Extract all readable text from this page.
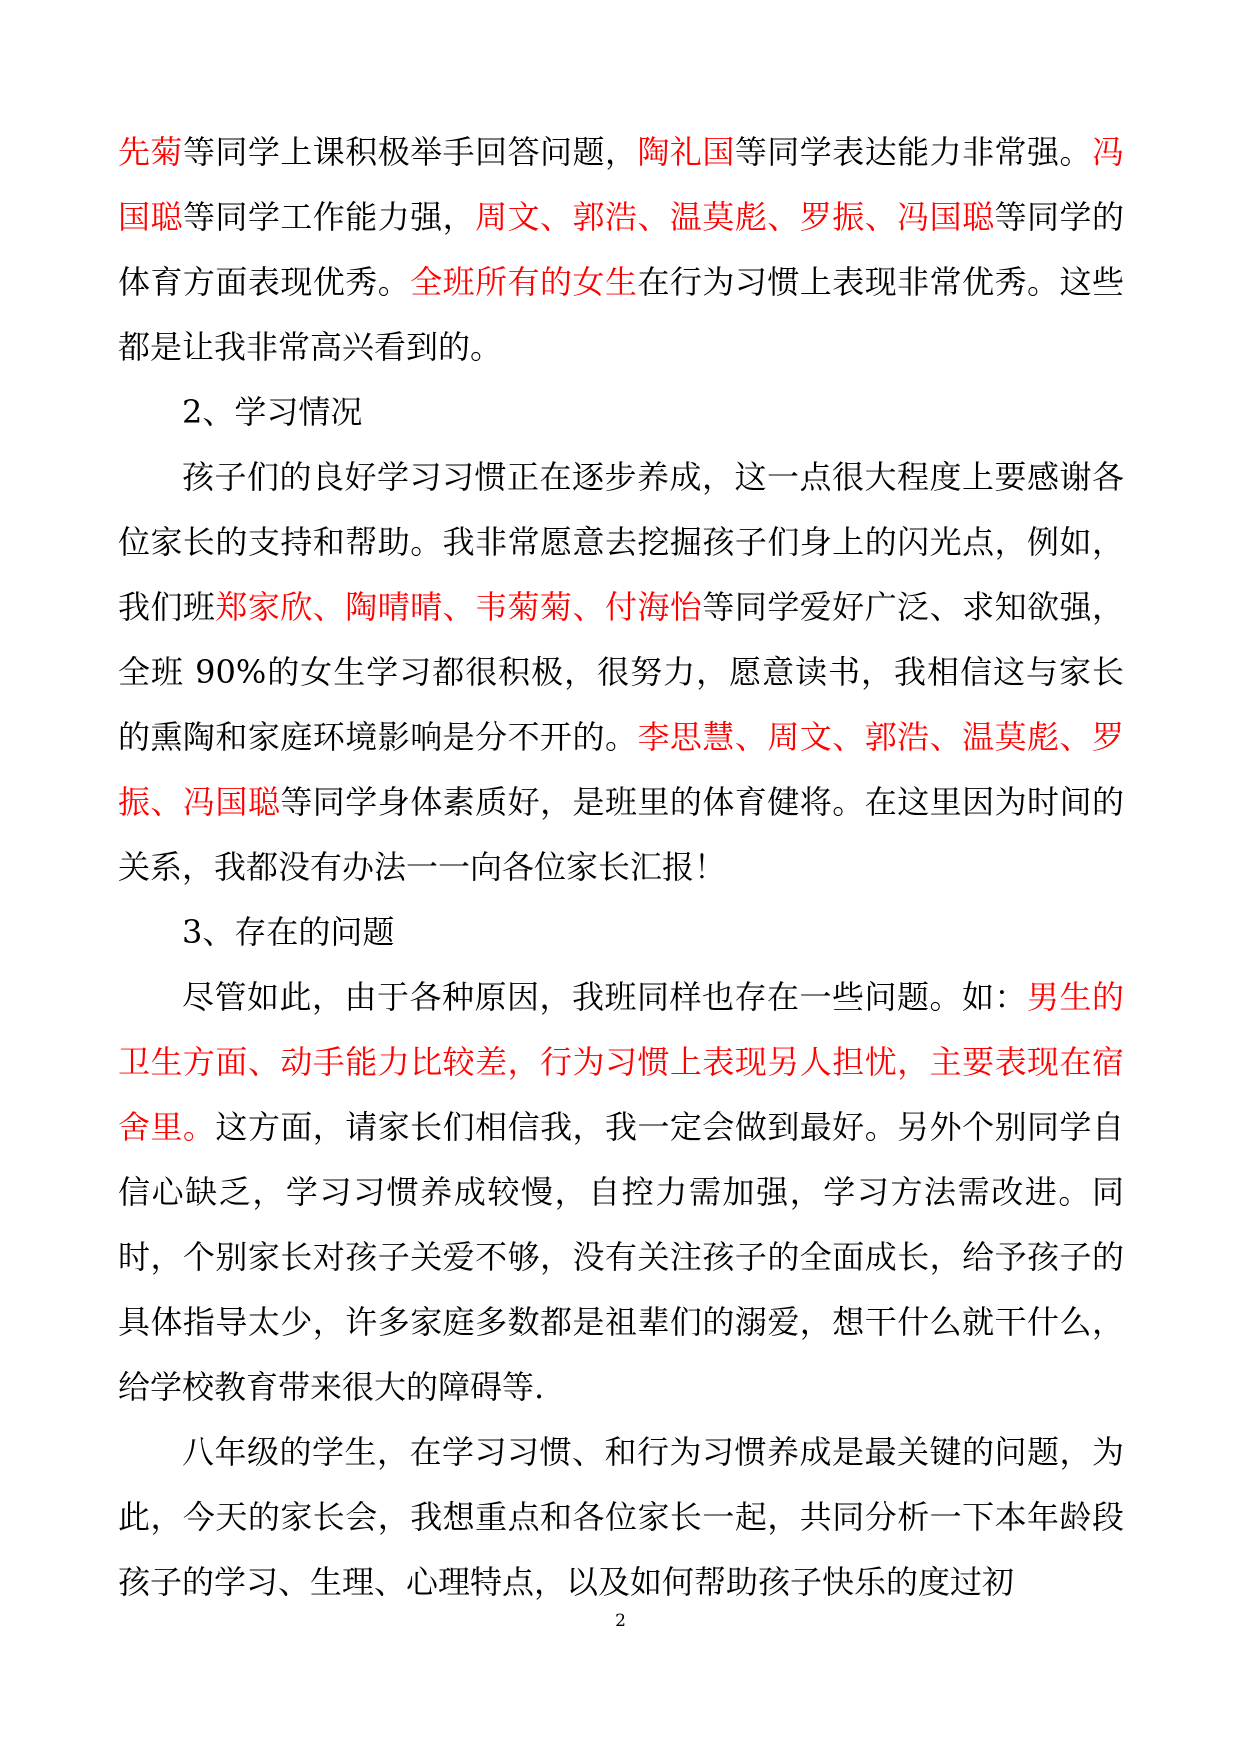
先菊等同学上课积极举手回答问题，陶礼国等同学表达能力非常强。冯国聪等同学工作能力强，周文、郭浩、温莫彪、罗振、冯国聪等同学的体育方面表现优秀。全班所有的女生在行为习惯上表现非常优秀。这些都是让我非常高兴看到的。

2、学习情况

孩子们的良好学习习惯正在逐步养成，这一点很大程度上要感谢各位家长的支持和帮助。我非常愿意去挖掘孩子们身上的闪光点，例如，我们班郑家欣、陶晴晴、韦菊菊、付海怡等同学爱好广泛、求知欲强，全班 90%的女生学习都很积极，很努力，愿意读书，我相信这与家长的熏陶和家庭环境影响是分不开的。李思慧、周文、郭浩、温莫彪、罗振、冯国聪等同学身体素质好，是班里的体育健将。在这里因为时间的关系，我都没有办法一一向各位家长汇报！

3、存在的问题

尽管如此，由于各种原因，我班同样也存在一些问题。如：男生的卫生方面、动手能力比较差，行为习惯上表现另人担忧，主要表现在宿舍里。这方面，请家长们相信我，我一定会做到最好。另外个别同学自信心缺乏，学习习惯养成较慢，自控力需加强，学习方法需改进。同时，个别家长对孩子关爱不够，没有关注孩子的全面成长，给予孩子的具体指导太少，许多家庭多数都是祖辈们的溺爱，想干什么就干什么，给学校教育带来很大的障碍等.

八年级的学生，在学习习惯、和行为习惯养成是最关键的问题，为此，今天的家长会，我想重点和各位家长一起，共同分析一下本年龄段孩子的学习、生理、心理特点，以及如何帮助孩子快乐的度过初

2
